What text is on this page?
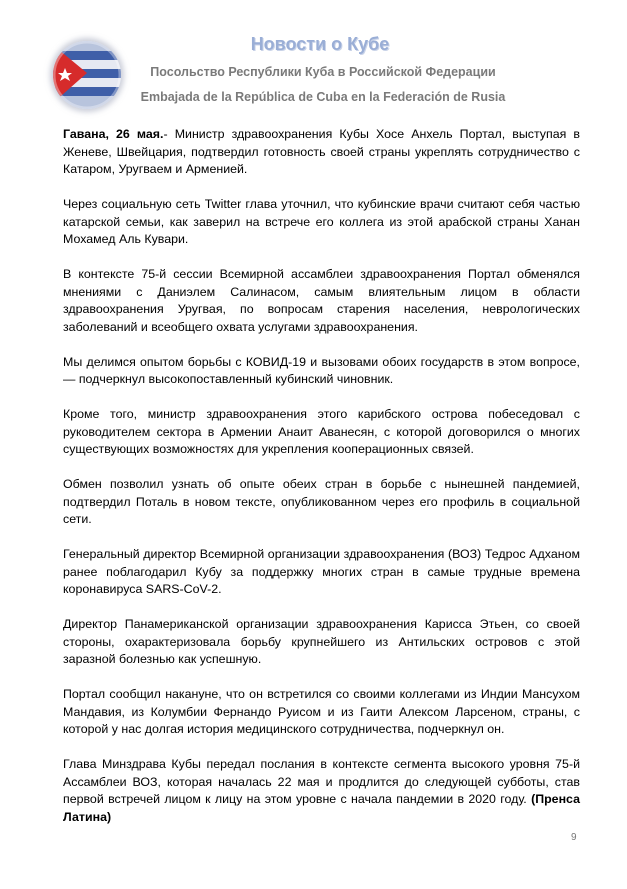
Новости о Кубе
Посольство Республики Куба в Российской Федерации
Embajada de la República de Cuba en la Federación de Rusia

Гавана, 26 мая.- Министр здравоохранения Кубы Хосе Анхель Портал, выступая в Женеве, Швейцария, подтвердил готовность своей страны укреплять сотрудничество с Катаром, Уругваем и Арменией.

Через социальную сеть Twitter глава уточнил, что кубинские врачи считают себя частью катарской семьи, как заверил на встрече его коллега из этой арабской страны Ханан Мохамед Аль Кувари.

В контексте 75-й сессии Всемирной ассамблеи здравоохранения Портал обменялся мнениями с Даниэлем Салинасом, самым влиятельным лицом в области здравоохранения Уругвая, по вопросам старения населения, неврологических заболеваний и всеобщего охвата услугами здравоохранения.

Мы делимся опытом борьбы с КОВИД-19 и вызовами обоих государств в этом вопросе, — подчеркнул высокопоставленный кубинский чиновник.

Кроме того, министр здравоохранения этого карибского острова побеседовал с руководителем сектора в Армении Анаит Аванесян, с которой договорился о многих существующих возможностях для укрепления кооперационных связей.

Обмен позволил узнать об опыте обеих стран в борьбе с нынешней пандемией, подтвердил Поталь в новом тексте, опубликованном через его профиль в социальной сети.

Генеральный директор Всемирной организации здравоохранения (ВОЗ) Тедрос Адханом ранее поблагодарил Кубу за поддержку многих стран в самые трудные времена коронавируса SARS-CoV-2.

Директор Панамериканской организации здравоохранения Карисса Этьен, со своей стороны, охарактеризовала борьбу крупнейшего из Антильских островов с этой заразной болезнью как успешную.

Портал сообщил накануне, что он встретился со своими коллегами из Индии Мансухом Мандавия, из Колумбии Фернандо Руисом и из Гаити Алексом Ларсеном, страны, с которой у нас долгая история медицинского сотрудничества, подчеркнул он.

Глава Минздрава Кубы передал послания в контексте сегмента высокого уровня 75-й Ассамблеи ВОЗ, которая началась 22 мая и продлится до следующей субботы, став первой встречей лицом к лицу на этом уровне с начала пандемии в 2020 году. (Пренса Латина)

9
